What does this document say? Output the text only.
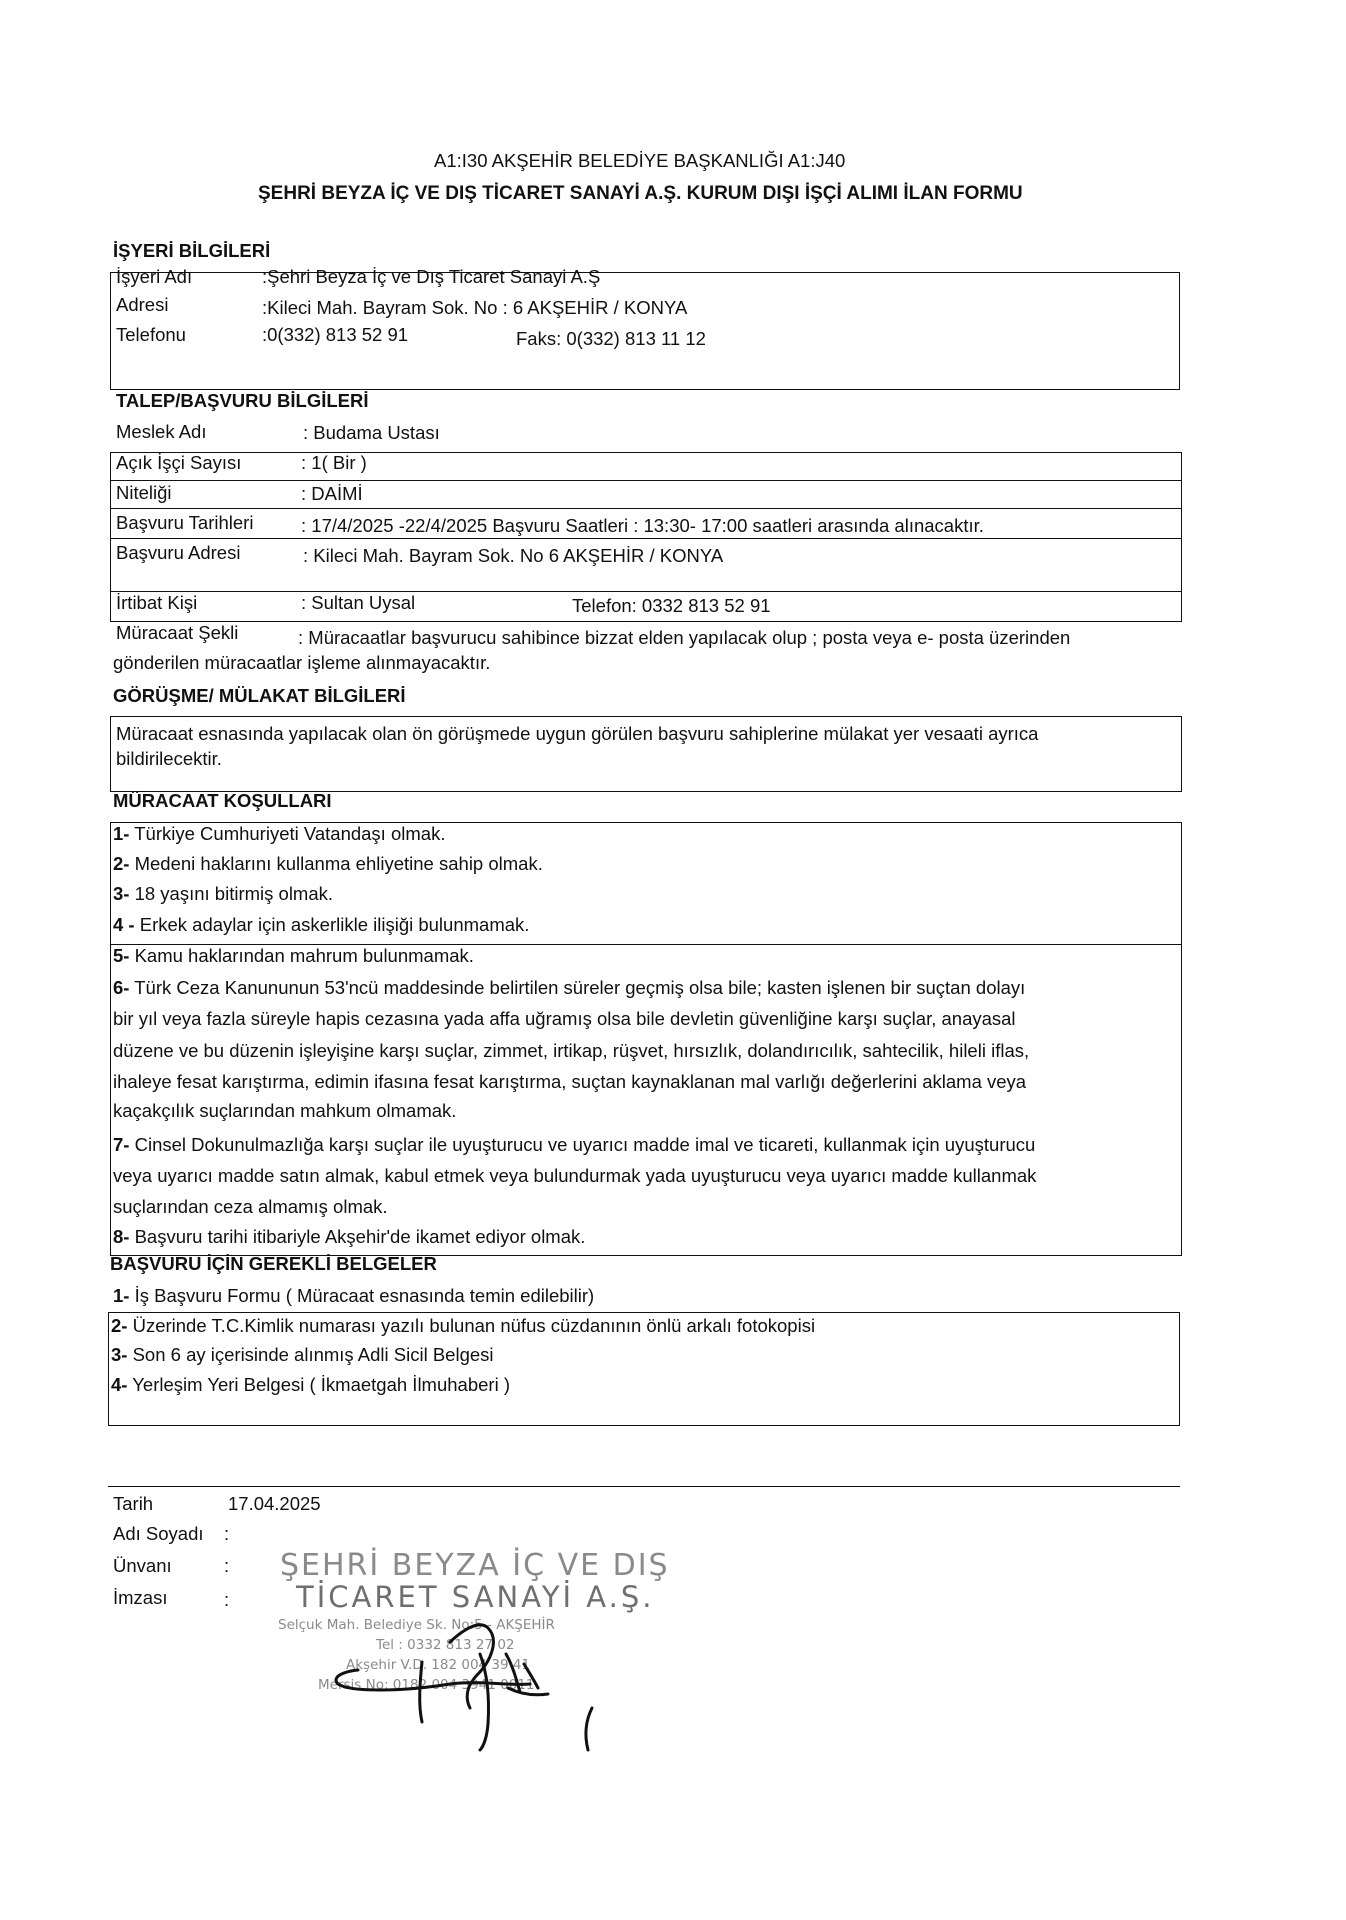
A1:I30 AKŞEHİR BELEDİYE BAŞKANLIĞI A1:J40
ŞEHRİ BEYZA İÇ VE DIŞ TİCARET SANAYİ A.Ş. KURUM DIŞI İŞÇİ ALIMI İLAN FORMU
İŞYERİ BİLGİLERİ
İşyeri Adı	:Şehri Beyza İç ve Dış Ticaret Sanayi A.Ş
Adresi	:Kileci Mah. Bayram Sok. No : 6 AKŞEHİR / KONYA
Telefonu	:0(332) 813 52 91	Faks: 0(332) 813 11 12
TALEP/BAŞVURU BİLGİLERİ
Meslek Adı	: Budama Ustası
Açık İşçi Sayısı	: 1( Bir )
Niteliği	: DAİMİ
Başvuru Tarihleri	: 17/4/2025 -22/4/2025 Başvuru Saatleri : 13:30- 17:00 saatleri arasında alınacaktır.
Başvuru Adresi	: Kileci Mah. Bayram Sok. No 6 AKŞEHİR / KONYA
İrtibat Kişi	: Sultan Uysal	Telefon: 0332 813 52 91
Müracaat Şekli	: Müracaatlar başvurucu sahibince bizzat elden yapılacak olup ; posta veya e- posta üzerinden
gönderilen müracaatlar işleme alınmayacaktır.
GÖRÜŞME/ MÜLAKAT BİLGİLERİ
Müracaat esnasında yapılacak olan ön görüşmede uygun görülen başvuru sahiplerine mülakat yer vesaati ayrıca
bildirilecektir.
MÜRACAAT KOŞULLARI
1- Türkiye Cumhuriyeti Vatandaşı olmak.
2- Medeni haklarını kullanma ehliyetine sahip olmak.
3- 18 yaşını bitirmiş olmak.
4 - Erkek adaylar için askerlikle ilişiği bulunmamak.
5- Kamu haklarından mahrum bulunmamak.
6- Türk Ceza Kanununun 53'ncü maddesinde belirtilen süreler geçmiş olsa bile; kasten işlenen bir suçtan dolayı
bir yıl veya fazla süreyle hapis cezasına yada affa uğramış olsa bile devletin güvenliğine karşı suçlar, anayasal
düzene ve bu düzenin işleyişine karşı suçlar, zimmet, irtikap, rüşvet, hırsızlık, dolandırıcılık, sahtecilik, hileli iflas,
ihaleye fesat karıştırma, edimin ifasına fesat karıştırma, suçtan kaynaklanan mal varlığı değerlerini aklama veya
kaçakçılık suçlarından mahkum olmamak.
7- Cinsel Dokunulmazlığa karşı suçlar ile uyuşturucu ve uyarıcı madde imal ve ticareti, kullanmak için uyuşturucu
veya uyarıcı madde satın almak, kabul etmek veya bulundurmak yada uyuşturucu veya uyarıcı madde kullanmak
suçlarından ceza almamış olmak.
8- Başvuru tarihi itibariyle Akşehir'de ikamet ediyor olmak.
BAŞVURU İÇİN GEREKLİ BELGELER
1- İş Başvuru Formu ( Müracaat esnasında temin edilebilir)
2- Üzerinde T.C.Kimlik numarası yazılı bulunan nüfus cüzdanının önlü arkalı fotokopisi
3- Son 6 ay içerisinde alınmış Adli Sicil Belgesi
4- Yerleşim Yeri Belgesi ( İkmaetgah İlmuhaberi )
Tarih	17.04.2025
Adı Soyadı :
Ünvanı	:
İmzası	:
ŞEHRİ BEYZA İÇ VE DIŞ
TİCARET SANAYİ A.Ş.
Selçuk Mah. Belediye Sk. No:5 - AKŞEHİR
Tel : 0332 813 27 02
Akşehir V.D. 182 004 39 41
Mersis No: 0182 004 3941 0011
